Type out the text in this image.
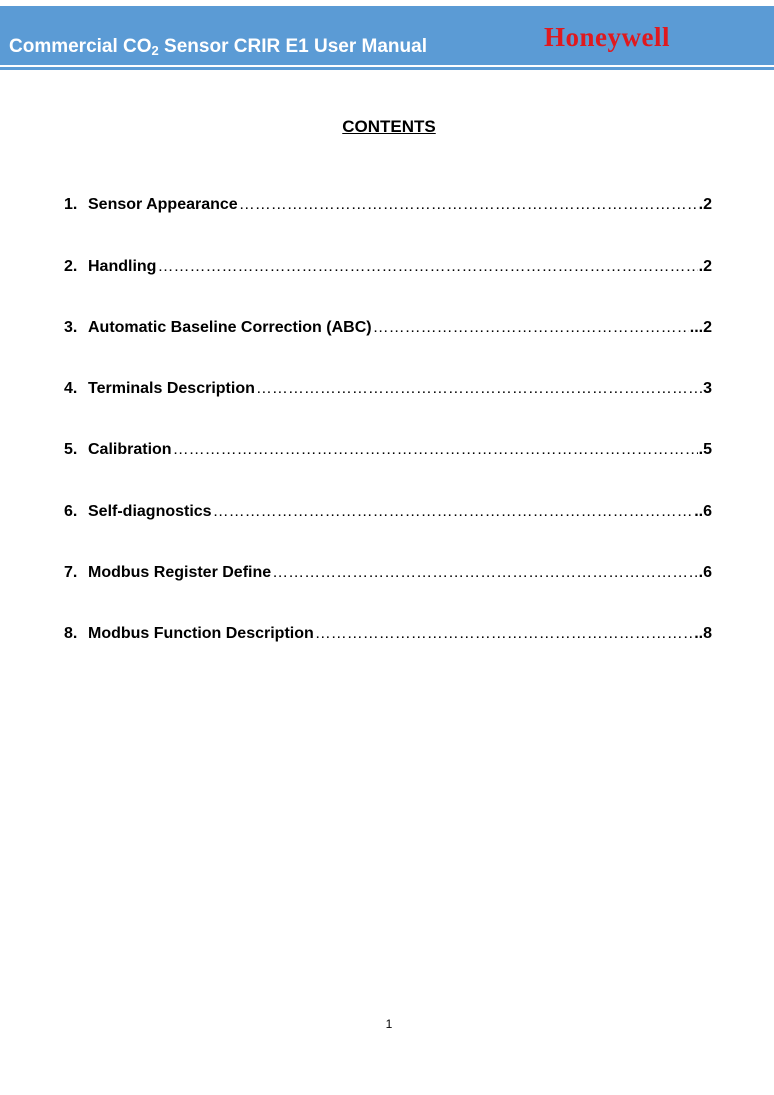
Commercial $CO_2$ Sensor CRIR E1 User Manual	Honeywell
CONTENTS
1. Sensor Appearance ……………………………………………………………………………………………………………………………………………………………………	.2
2. Handling ……………………………………………………………………………………………………………………………………………………………………	.2
3. Automatic Baseline Correction (ABC) ……………………………………………………………………………………………………………………………………………………………………	...2
4. Terminals Description ……………………………………………………………………………………………………………………………………………………………………	3
5. Calibration ……………………………………………………………………………………………………………………………………………………………………	.5
6. Self-diagnostics ……………………………………………………………………………………………………………………………………………………………………	..6
7. Modbus Register Define ……………………………………………………………………………………………………………………………………………………………………	.6
8. Modbus Function Description ……………………………………………………………………………………………………………………………………………………………………	..8
1
